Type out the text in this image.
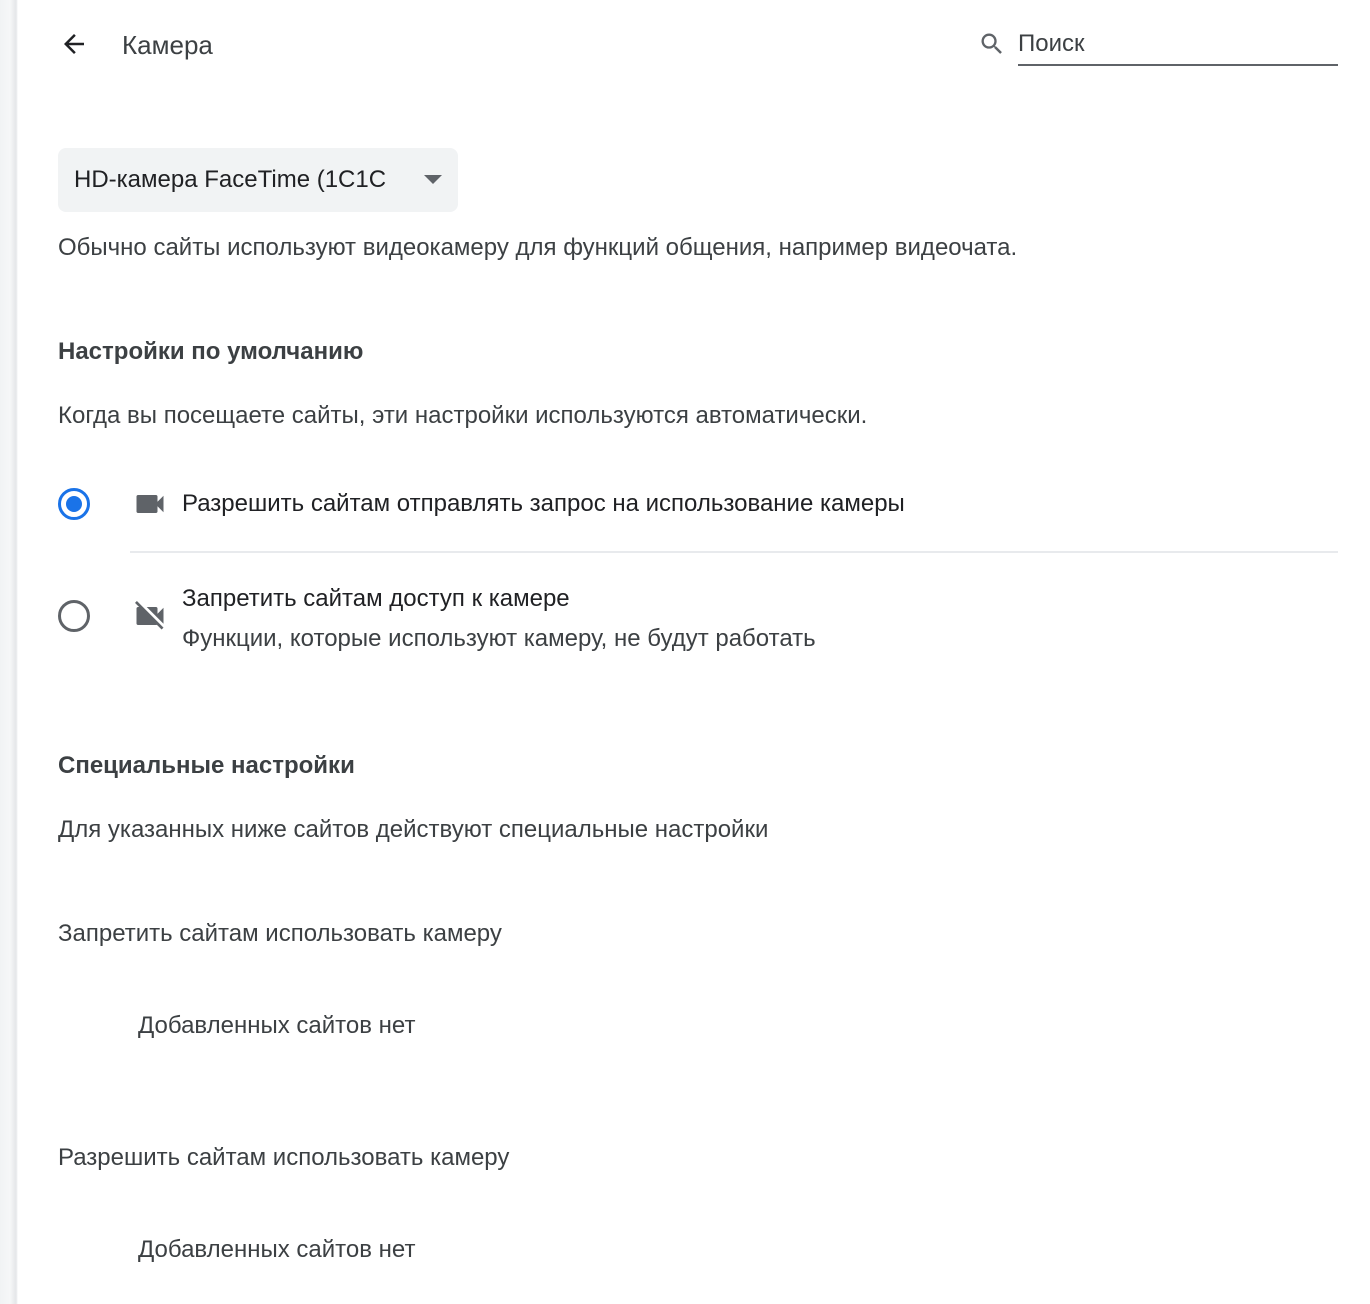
Камера
Поиск
HD-камера FaceTime (1C1C
Обычно сайты используют видеокамеру для функций общения, например видеочата.
Настройки по умолчанию
Когда вы посещаете сайты, эти настройки используются автоматически.
Разрешить сайтам отправлять запрос на использование камеры
Запретить сайтам доступ к камере
Функции, которые используют камеру, не будут работать
Специальные настройки
Для указанных ниже сайтов действуют специальные настройки
Запретить сайтам использовать камеру
Добавленных сайтов нет
Разрешить сайтам использовать камеру
Добавленных сайтов нет
